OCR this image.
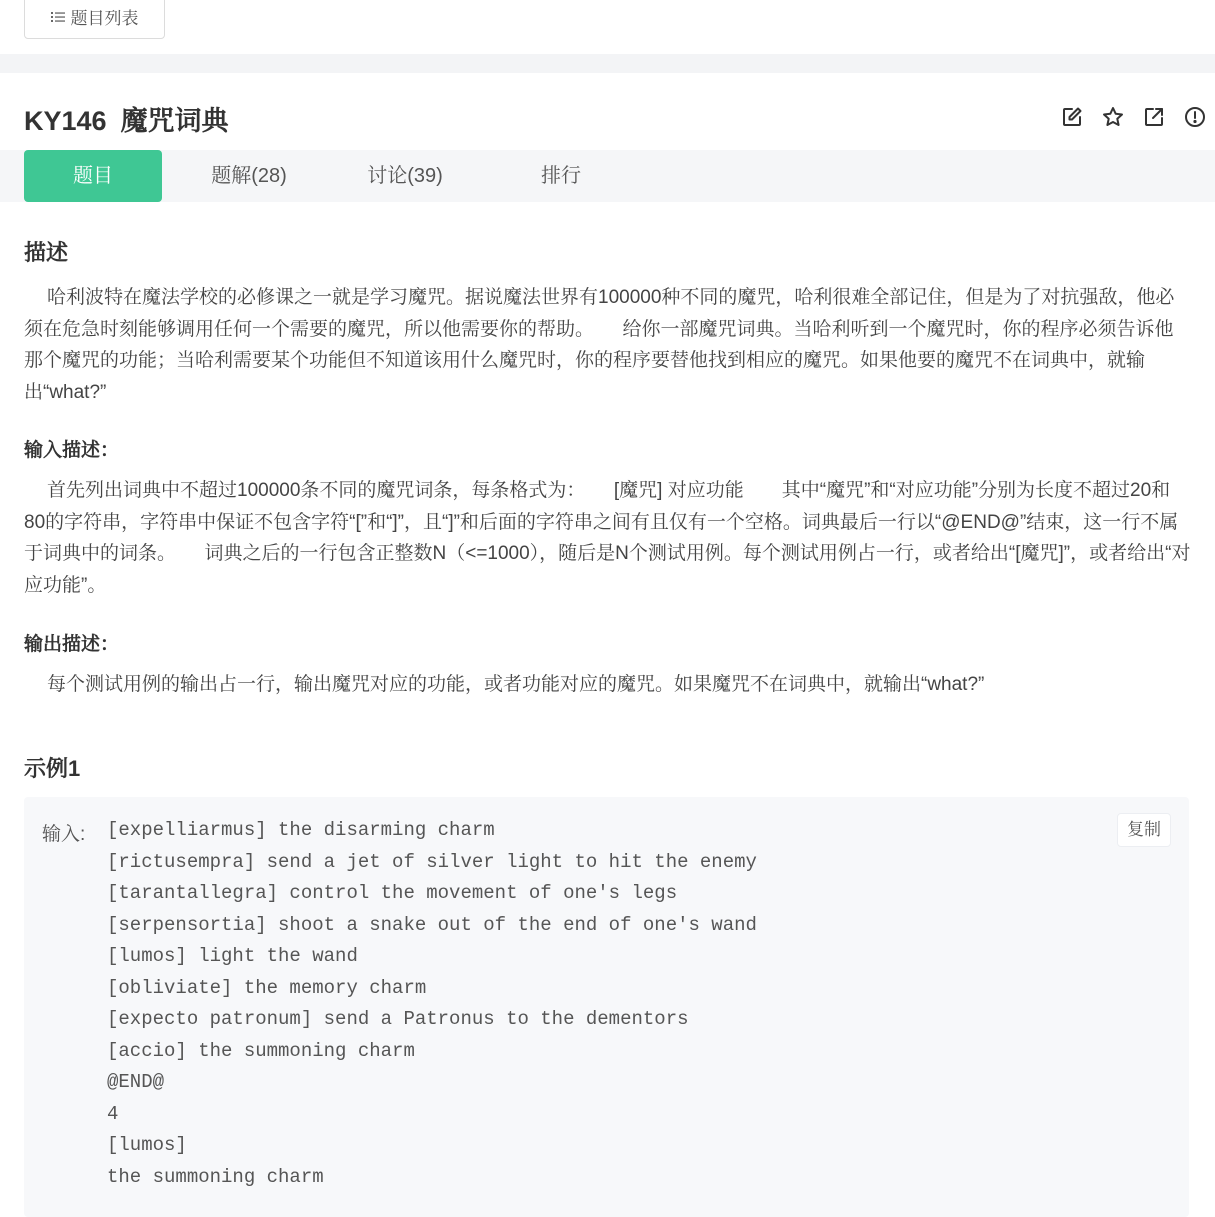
题目列表
KY146 魔咒词典
题目	题解(28)	讨论(39)	排行
描述
哈利波特在魔法学校的必修课之一就是学习魔咒。据说魔法世界有100000种不同的魔咒，哈利很难全部记住，但是为了对抗强敌，他必须在危急时刻能够调用任何一个需要的魔咒，所以他需要你的帮助。　　给你一部魔咒词典。当哈利听到一个魔咒时，你的程序必须告诉他那个魔咒的功能；当哈利需要某个功能但不知道该用什么魔咒时，你的程序要替他找到相应的魔咒。如果他要的魔咒不在词典中，就输出“what?”
输入描述：
首先列出词典中不超过100000条不同的魔咒词条，每条格式为：　　[魔咒] 对应功能　　其中“魔咒”和“对应功能”分别为长度不超过20和80的字符串，字符串中保证不包含字符“[”和“]”，且“]”和后面的字符串之间有且仅有一个空格。词典最后一行以“@END@”结束，这一行不属于词典中的词条。　　词典之后的一行包含正整数N（<=1000），随后是N个测试用例。每个测试用例占一行，或者给出“[魔咒]”，或者给出“对应功能”。
输出描述：
每个测试用例的输出占一行，输出魔咒对应的功能，或者功能对应的魔咒。如果魔咒不在词典中，就输出“what?”
示例1
输入: [expelliarmus] the disarming charm
[rictusempra] send a jet of silver light to hit the enemy
[tarantallegra] control the movement of one's legs
[serpensortia] shoot a snake out of the end of one's wand
[lumos] light the wand
[obliviate] the memory charm
[expecto patronum] send a Patronus to the dementors
[accio] the summoning charm
@END@
4
[lumos]
the summoning charm
复制
